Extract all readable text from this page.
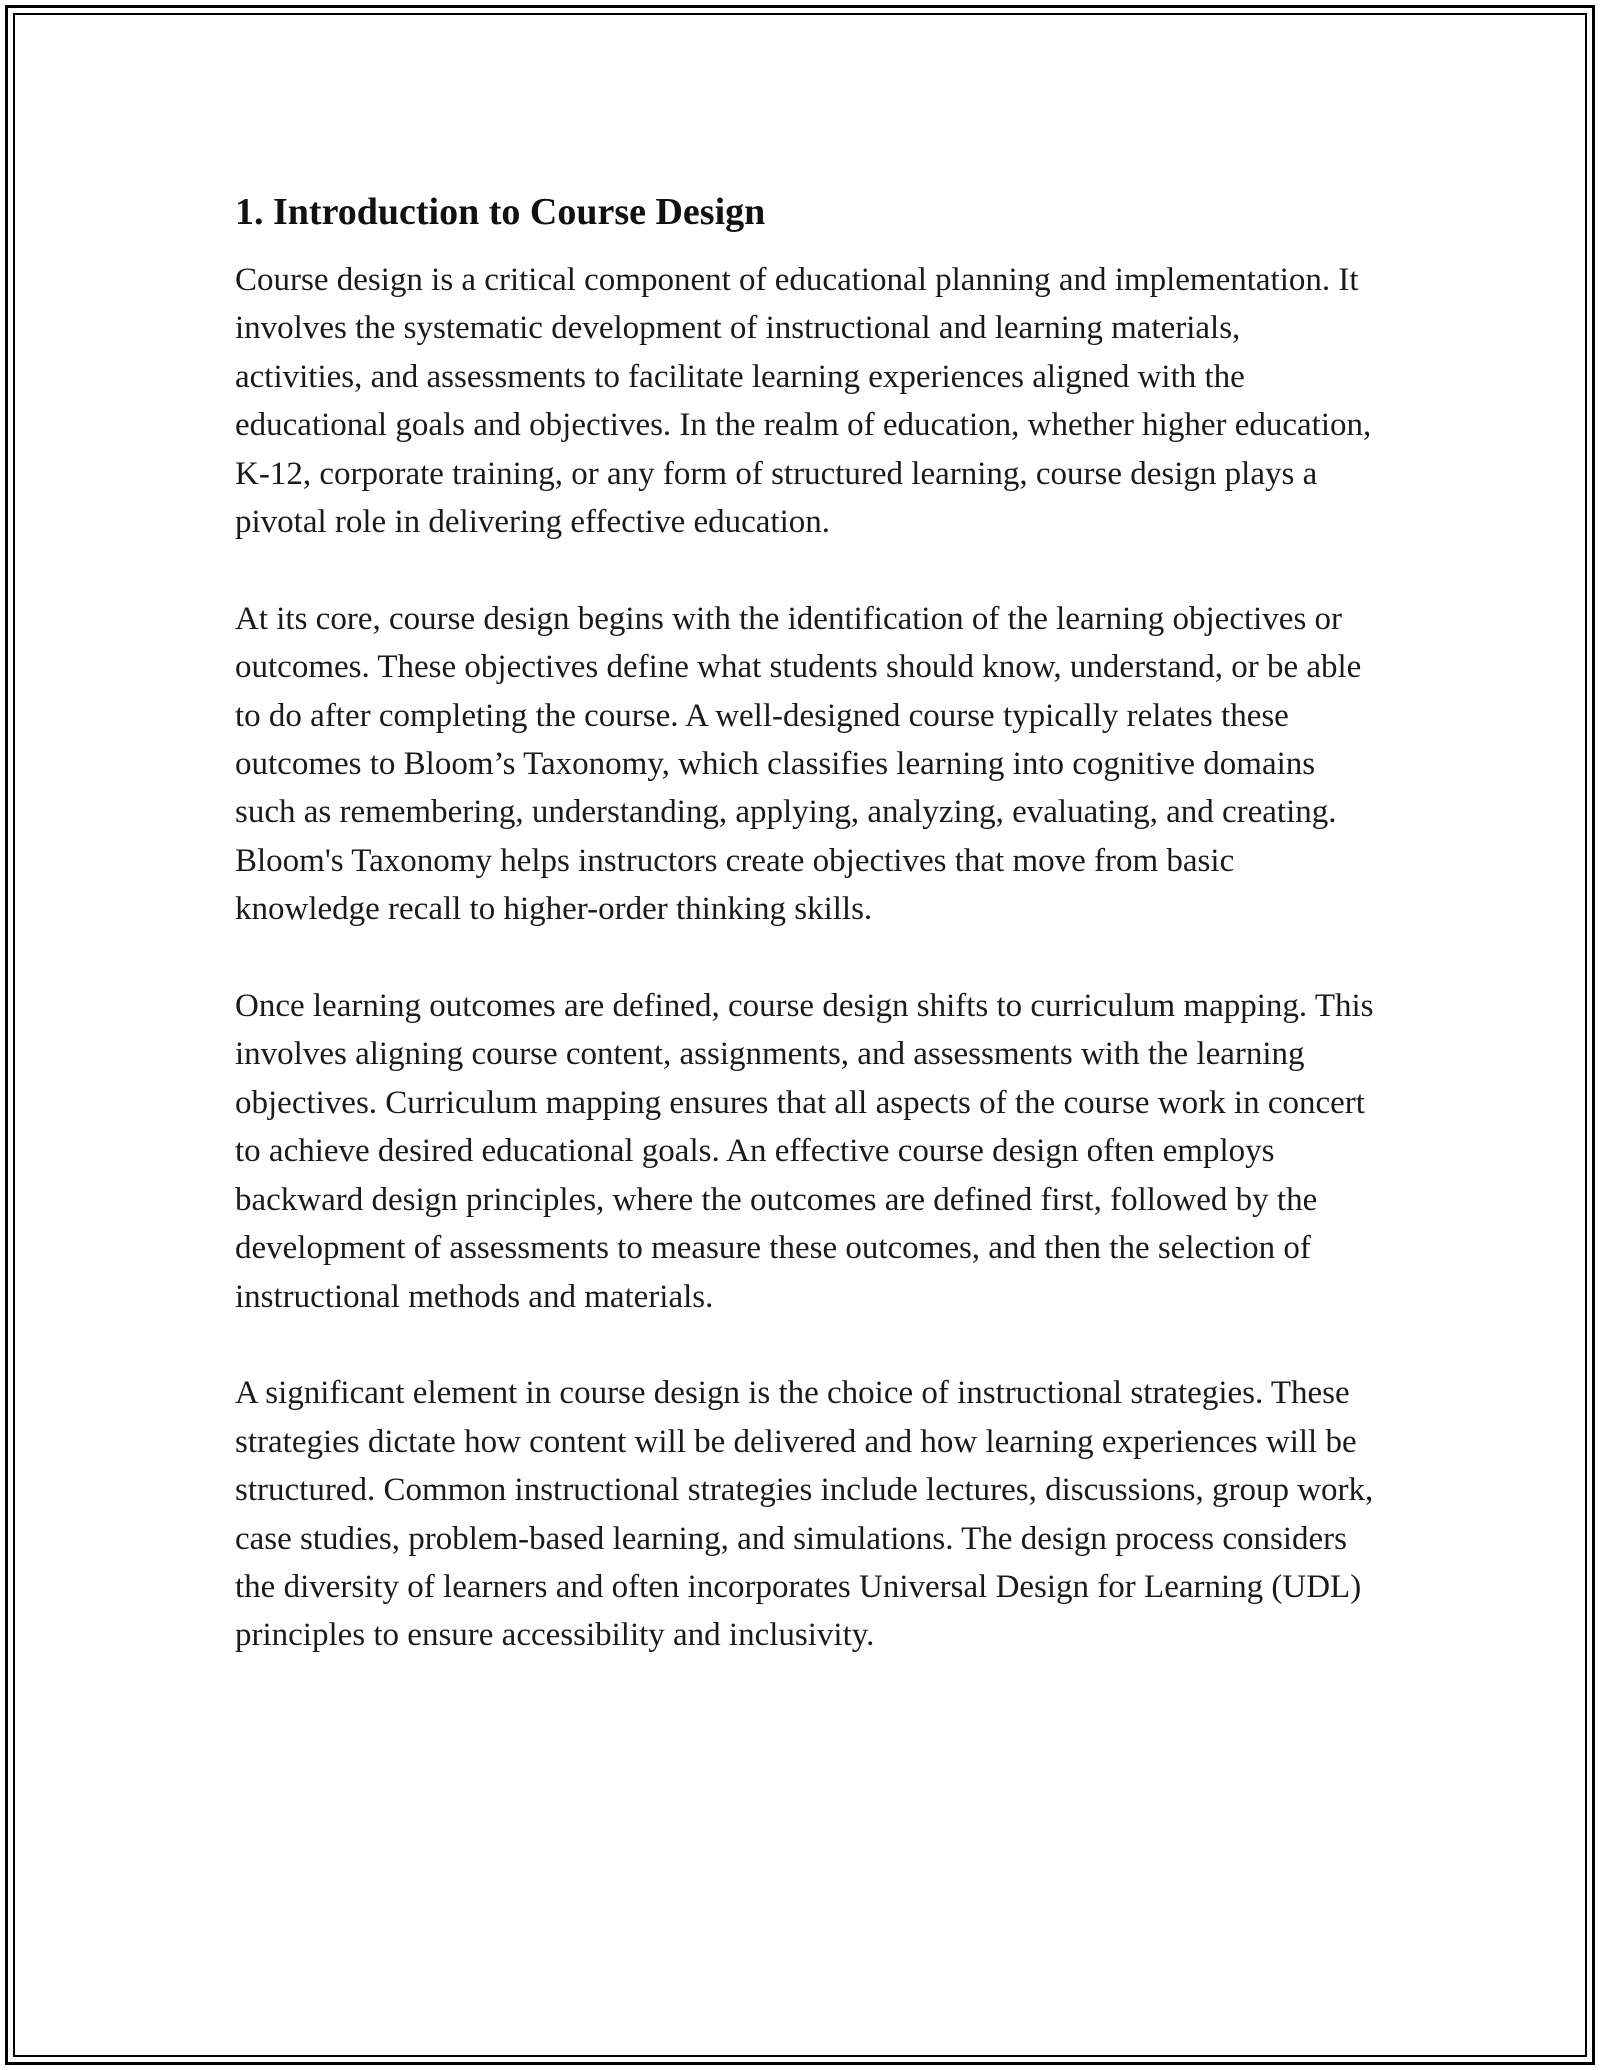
1. Introduction to Course Design

Course design is a critical component of educational planning and implementation. It involves the systematic development of instructional and learning materials, activities, and assessments to facilitate learning experiences aligned with the educational goals and objectives. In the realm of education, whether higher education, K-12, corporate training, or any form of structured learning, course design plays a pivotal role in delivering effective education.

At its core, course design begins with the identification of the learning objectives or outcomes. These objectives define what students should know, understand, or be able to do after completing the course. A well-designed course typically relates these outcomes to Bloom’s Taxonomy, which classifies learning into cognitive domains such as remembering, understanding, applying, analyzing, evaluating, and creating. Bloom's Taxonomy helps instructors create objectives that move from basic knowledge recall to higher-order thinking skills.

Once learning outcomes are defined, course design shifts to curriculum mapping. This involves aligning course content, assignments, and assessments with the learning objectives. Curriculum mapping ensures that all aspects of the course work in concert to achieve desired educational goals. An effective course design often employs backward design principles, where the outcomes are defined first, followed by the development of assessments to measure these outcomes, and then the selection of instructional methods and materials.

A significant element in course design is the choice of instructional strategies. These strategies dictate how content will be delivered and how learning experiences will be structured. Common instructional strategies include lectures, discussions, group work, case studies, problem-based learning, and simulations. The design process considers the diversity of learners and often incorporates Universal Design for Learning (UDL) principles to ensure accessibility and inclusivity.
